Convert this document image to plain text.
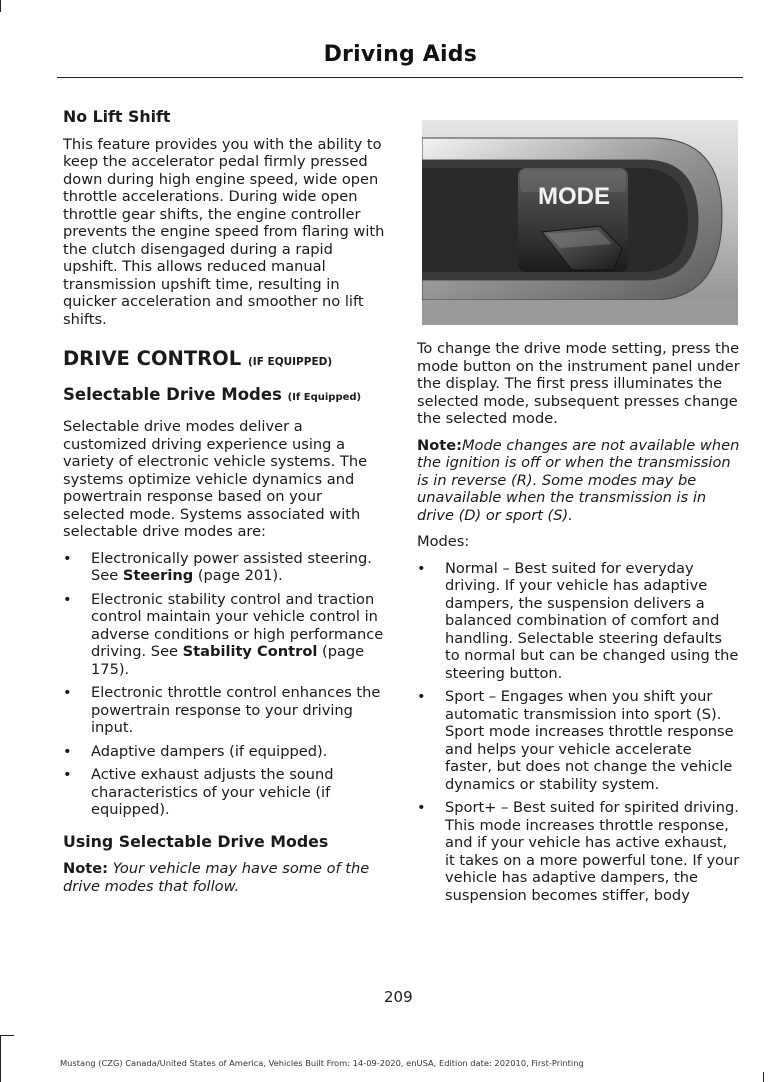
Driving Aids
No Lift Shift
This feature provides you with the ability to keep the accelerator pedal firmly pressed down during high engine speed, wide open throttle accelerations. During wide open throttle gear shifts, the engine controller prevents the engine speed from flaring with the clutch disengaged during a rapid upshift. This allows reduced manual transmission upshift time, resulting in quicker acceleration and smoother no lift shifts.
DRIVE CONTROL (IF EQUIPPED)
Selectable Drive Modes (If Equipped)
Selectable drive modes deliver a customized driving experience using a variety of electronic vehicle systems. The systems optimize vehicle dynamics and powertrain response based on your selected mode. Systems associated with selectable drive modes are:
• Electronically power assisted steering. See Steering (page 201).
• Electronic stability control and traction control maintain your vehicle control in adverse conditions or high performance driving. See Stability Control (page 175).
• Electronic throttle control enhances the powertrain response to your driving input.
• Adaptive dampers (if equipped).
• Active exhaust adjusts the sound characteristics of your vehicle (if equipped).
Using Selectable Drive Modes
Note: Your vehicle may have some of the drive modes that follow.
MODE
To change the drive mode setting, press the mode button on the instrument panel under the display. The first press illuminates the selected mode, subsequent presses change the selected mode.
Note:Mode changes are not available when the ignition is off or when the transmission is in reverse (R). Some modes may be unavailable when the transmission is in drive (D) or sport (S).
Modes:
• Normal – Best suited for everyday driving. If your vehicle has adaptive dampers, the suspension delivers a balanced combination of comfort and handling. Selectable steering defaults to normal but can be changed using the steering button.
• Sport – Engages when you shift your automatic transmission into sport (S). Sport mode increases throttle response and helps your vehicle accelerate faster, but does not change the vehicle dynamics or stability system.
• Sport+ – Best suited for spirited driving. This mode increases throttle response, and if your vehicle has active exhaust, it takes on a more powerful tone. If your vehicle has adaptive dampers, the suspension becomes stiffer, body
209
Mustang (CZG) Canada/United States of America, Vehicles Built From: 14-09-2020, enUSA, Edition date: 202010, First-Printing
